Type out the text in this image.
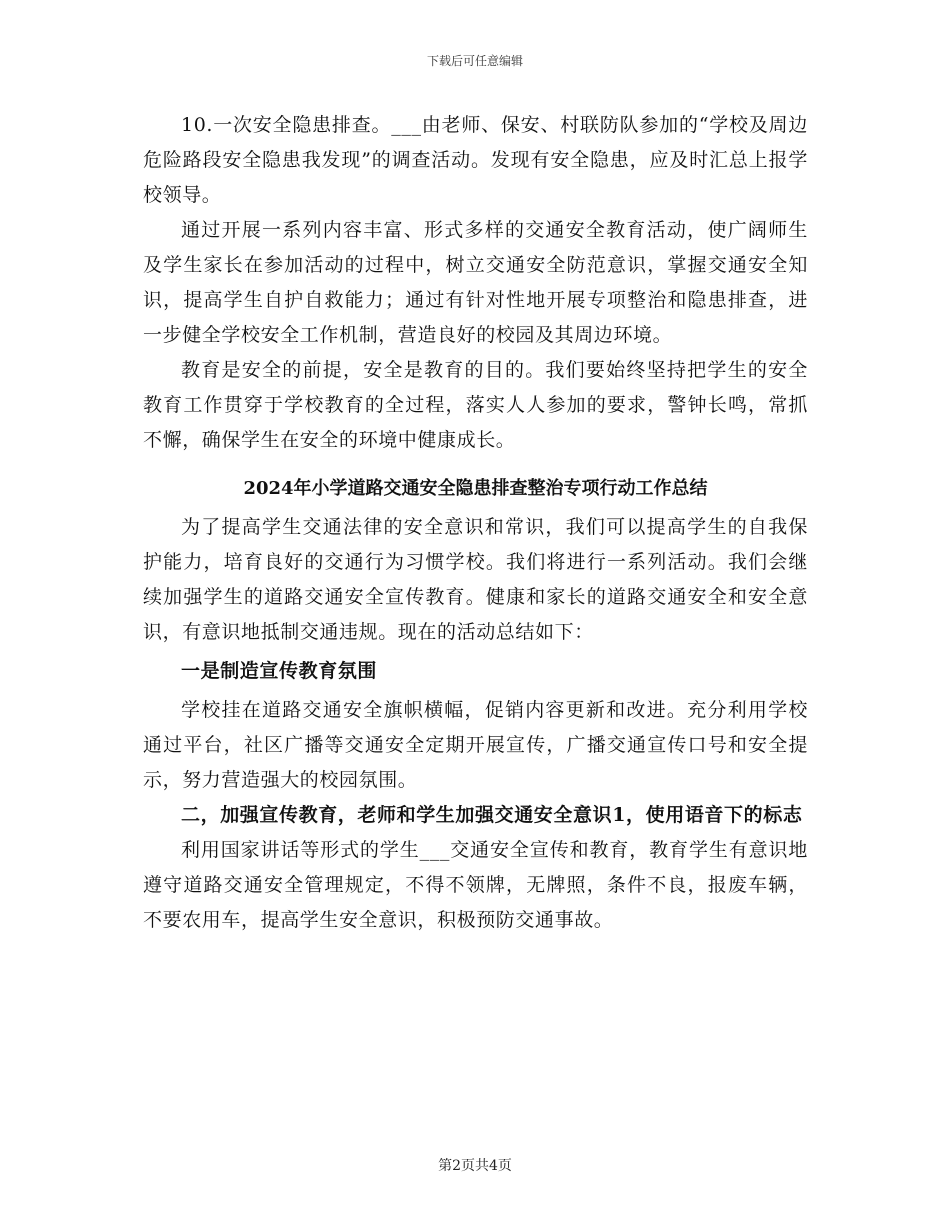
下载后可任意编辑

10.一次安全隐患排查。___由老师、保安、村联防队参加的“学校及周边危险路段安全隐患我发现”的调查活动。发现有安全隐患，应及时汇总上报学校领导。

通过开展一系列内容丰富、形式多样的交通安全教育活动，使广阔师生及学生家长在参加活动的过程中，树立交通安全防范意识，掌握交通安全知识，提高学生自护自救能力；通过有针对性地开展专项整治和隐患排查，进一步健全学校安全工作机制，营造良好的校园及其周边环境。

教育是安全的前提，安全是教育的目的。我们要始终坚持把学生的安全教育工作贯穿于学校教育的全过程，落实人人参加的要求，警钟长鸣，常抓不懈，确保学生在安全的环境中健康成长。

2024年小学道路交通安全隐患排查整治专项行动工作总结

为了提高学生交通法律的安全意识和常识，我们可以提高学生的自我保护能力，培育良好的交通行为习惯学校。我们将进行一系列活动。我们会继续加强学生的道路交通安全宣传教育。健康和家长的道路交通安全和安全意识，有意识地抵制交通违规。现在的活动总结如下：

一是制造宣传教育氛围

学校挂在道路交通安全旗帜横幅，促销内容更新和改进。充分利用学校通过平台，社区广播等交通安全定期开展宣传，广播交通宣传口号和安全提示，努力营造强大的校园氛围。

二，加强宣传教育，老师和学生加强交通安全意识1，使用语音下的标志

利用国家讲话等形式的学生___交通安全宣传和教育，教育学生有意识地遵守道路交通安全管理规定，不得不领牌，无牌照，条件不良，报废车辆，不要农用车，提高学生安全意识，积极预防交通事故。

第2页共4页
